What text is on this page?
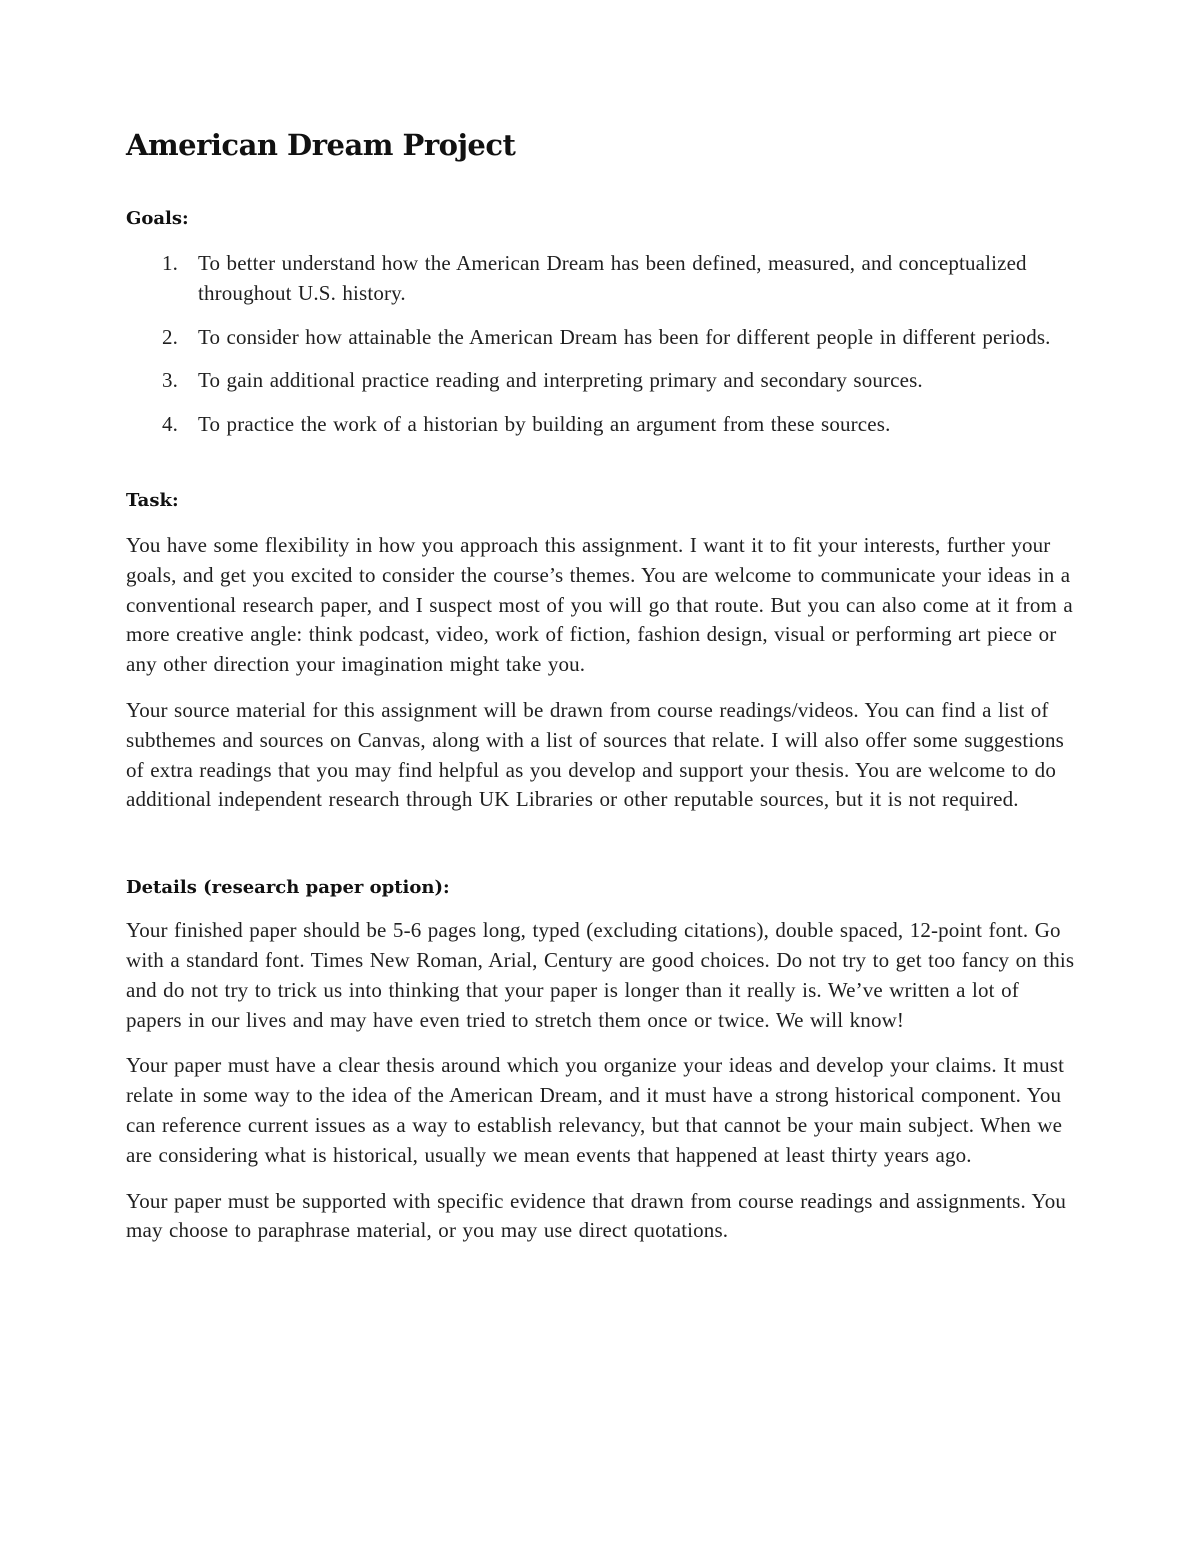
American Dream Project
Goals:
1. To better understand how the American Dream has been defined, measured, and conceptualized throughout U.S. history.
2. To consider how attainable the American Dream has been for different people in different periods.
3. To gain additional practice reading and interpreting primary and secondary sources.
4. To practice the work of a historian by building an argument from these sources.
Task:

You have some flexibility in how you approach this assignment. I want it to fit your interests, further your goals, and get you excited to consider the course’s themes. You are welcome to communicate your ideas in a conventional research paper, and I suspect most of you will go that route. But you can also come at it from a more creative angle: think podcast, video, work of fiction, fashion design, visual or performing art piece or any other direction your imagination might take you.

Your source material for this assignment will be drawn from course readings/videos. You can find a list of subthemes and sources on Canvas, along with a list of sources that relate. I will also offer some suggestions of extra readings that you may find helpful as you develop and support your thesis. You are welcome to do additional independent research through UK Libraries or other reputable sources, but it is not required.

Details (research paper option):

Your finished paper should be 5-6 pages long, typed (excluding citations), double spaced, 12-point font. Go with a standard font. Times New Roman, Arial, Century are good choices. Do not try to get too fancy on this and do not try to trick us into thinking that your paper is longer than it really is. We’ve written a lot of papers in our lives and may have even tried to stretch them once or twice. We will know!

Your paper must have a clear thesis around which you organize your ideas and develop your claims. It must relate in some way to the idea of the American Dream, and it must have a strong historical component. You can reference current issues as a way to establish relevancy, but that cannot be your main subject. When we are considering what is historical, usually we mean events that happened at least thirty years ago.

Your paper must be supported with specific evidence that drawn from course readings and assignments. You may choose to paraphrase material, or you may use direct quotations.
